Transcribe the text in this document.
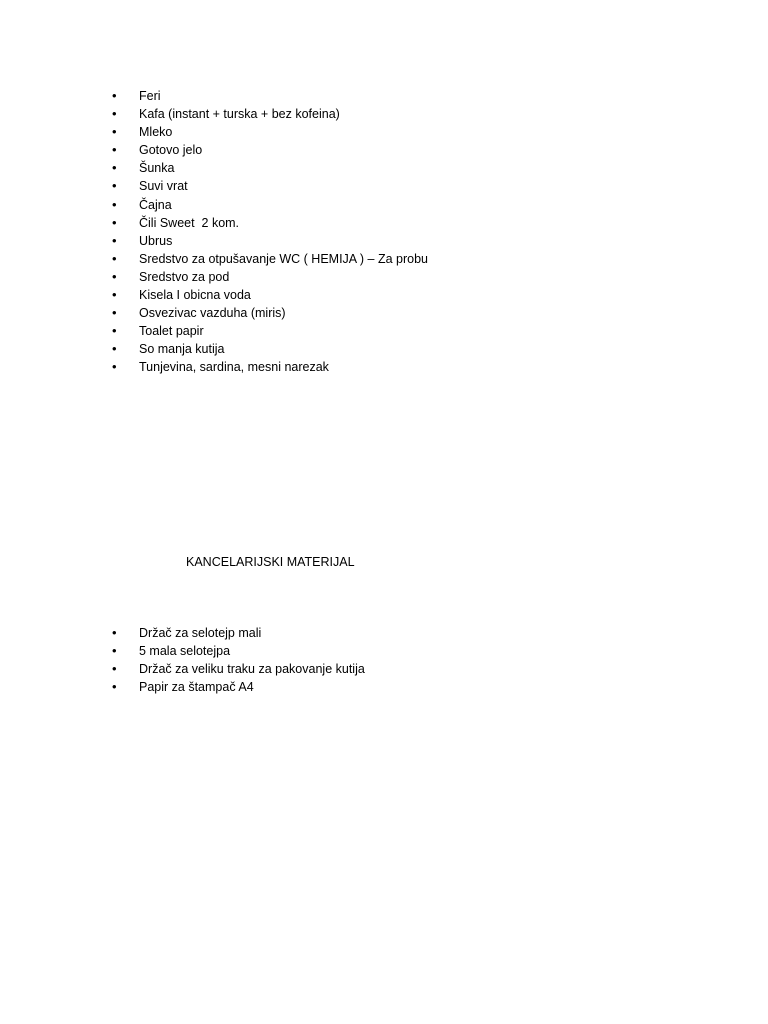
•	Feri
•	Kafa (instant + turska + bez kofeina)
•	Mleko
•	Gotovo jelo
•	Šunka
•	Suvi vrat
•	Čajna
•	Čili Sweet  2 kom.
•	Ubrus
•	Sredstvo za otpušavanje WC ( HEMIJA ) – Za probu
•	Sredstvo za pod
•	Kisela I obicna voda
•	Osvezivac vazduha (miris)
•	Toalet papir
•	So manja kutija
•	Tunjevina, sardina, mesni narezak
KANCELARIJSKI MATERIJAL
•	Držač za selotejp mali
•	5 mala selotejpa
•	Držač za veliku traku za pakovanje kutija
•	Papir za štampač A4
